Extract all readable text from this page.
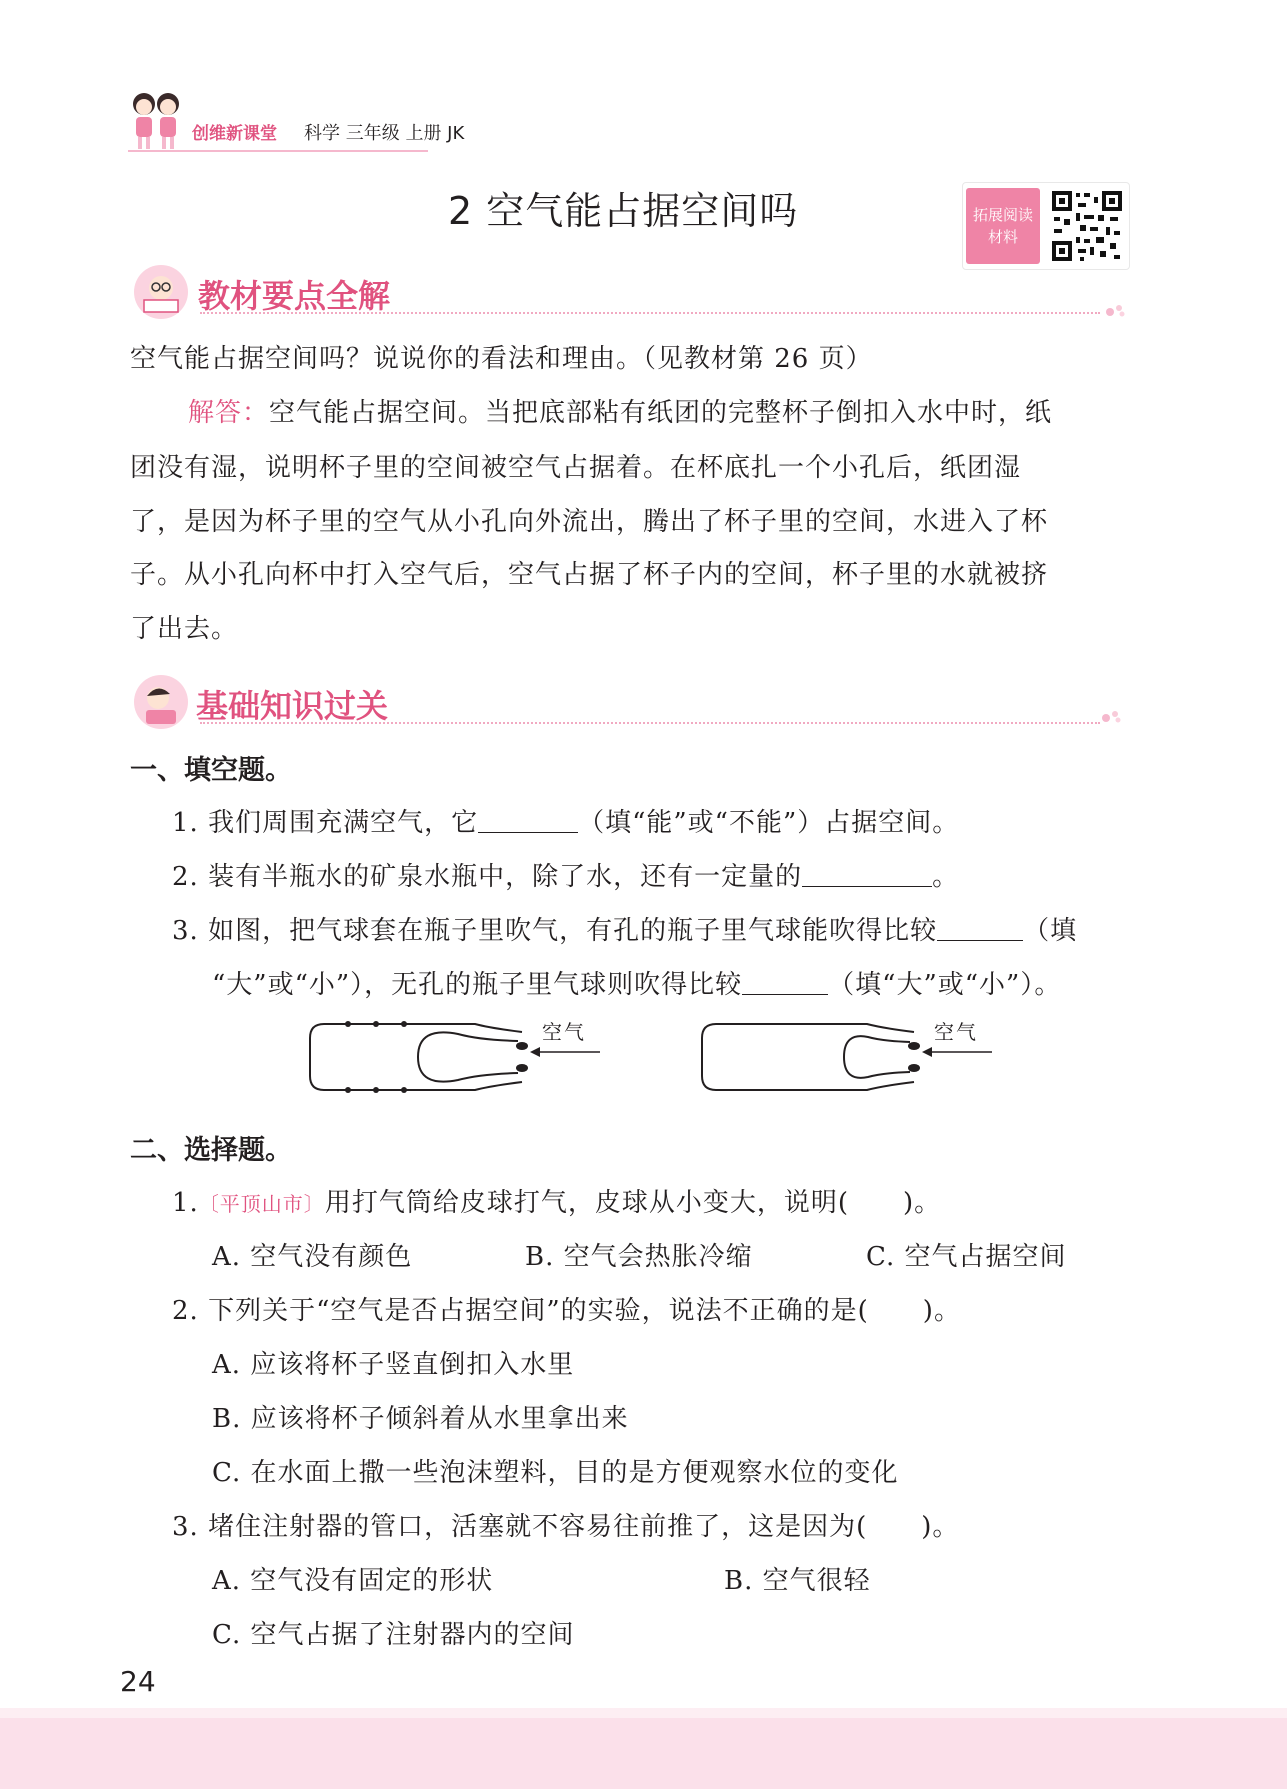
创维新课堂 科学 三年级 上册 JK
2 空气能占据空间吗	拓展阅读
材料
教材要点全解
空气能占据空间吗？说说你的看法和理由。（见教材第 26 页）
解答：空气能占据空间。当把底部粘有纸团的完整杯子倒扣入水中时，纸
团没有湿，说明杯子里的空间被空气占据着。在杯底扎一个小孔后，纸团湿
了，是因为杯子里的空气从小孔向外流出，腾出了杯子里的空间，水进入了杯
子。从小孔向杯中打入空气后，空气占据了杯子内的空间，杯子里的水就被挤
了出去。
基础知识过关
一、填空题。
1. 我们周围充满空气，它	（填“能”或“不能”）占据空间。
2. 装有半瓶水的矿泉水瓶中，除了水，还有一定量的	。
3. 如图，把气球套在瓶子里吹气，有孔的瓶子里气球能吹得比较	（填
“大”或“小”），无孔的瓶子里气球则吹得比较	（填“大”或“小”）。
空气	空气
二、选择题。
1.〔平顶山市〕用打气筒给皮球打气，皮球从小变大，说明(　　)。
A. 空气没有颜色	B. 空气会热胀冷缩	C. 空气占据空间
2. 下列关于“空气是否占据空间”的实验，说法不正确的是(　　)。
A. 应该将杯子竖直倒扣入水里
B. 应该将杯子倾斜着从水里拿出来
C. 在水面上撒一些泡沫塑料，目的是方便观察水位的变化
3. 堵住注射器的管口，活塞就不容易往前推了，这是因为(　　)。
A. 空气没有固定的形状	B. 空气很轻
C. 空气占据了注射器内的空间
24
